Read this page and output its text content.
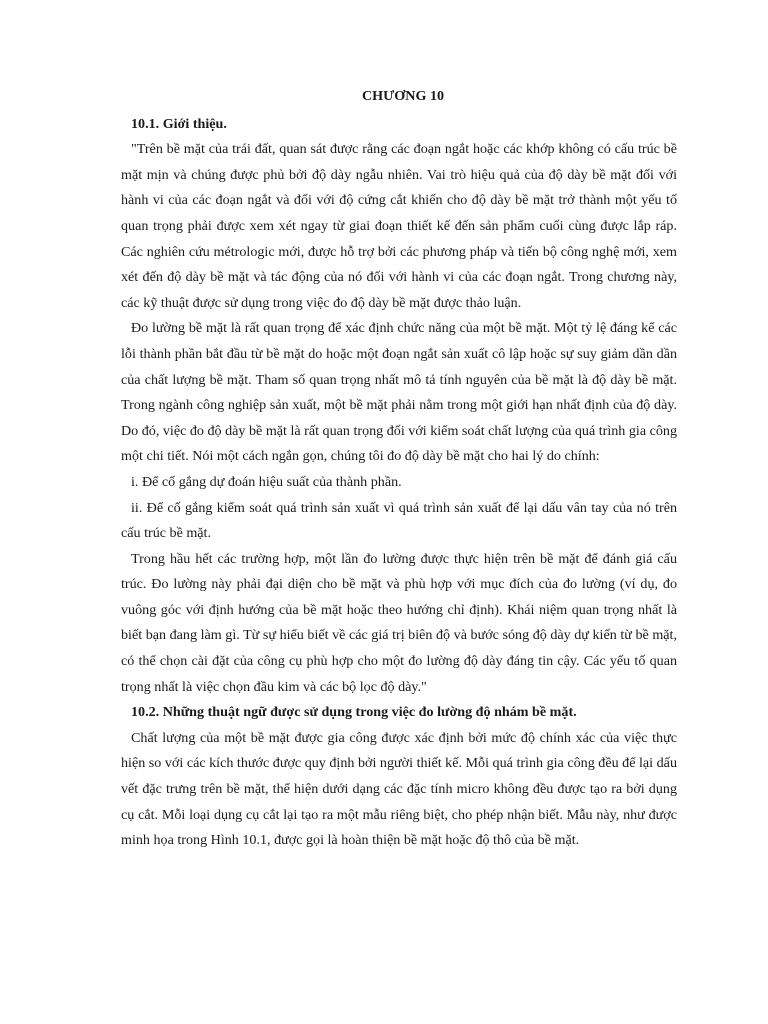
CHƯƠNG 10
10.1. Giới thiệu.

"Trên bề mặt của trái đất, quan sát được rằng các đoạn ngắt hoặc các khớp không có cấu trúc bề mặt mịn và chúng được phủ bởi độ dày ngẫu nhiên. Vai trò hiệu quả của độ dày bề mặt đối với hành vi của các đoạn ngắt và đối với độ cứng cắt khiến cho độ dày bề mặt trở thành một yếu tố quan trọng phải được xem xét ngay từ giai đoạn thiết kế đến sản phẩm cuối cùng được lắp ráp. Các nghiên cứu métrologic mới, được hỗ trợ bởi các phương pháp và tiến bộ công nghệ mới, xem xét đến độ dày bề mặt và tác động của nó đối với hành vi của các đoạn ngắt. Trong chương này, các kỹ thuật được sử dụng trong việc đo độ dày bề mặt được thảo luận.

Đo lường bề mặt là rất quan trọng để xác định chức năng của một bề mặt. Một tỷ lệ đáng kể các lỗi thành phần bắt đầu từ bề mặt do hoặc một đoạn ngắt sản xuất cô lập hoặc sự suy giảm dần dần của chất lượng bề mặt. Tham số quan trọng nhất mô tả tính nguyên của bề mặt là độ dày bề mặt. Trong ngành công nghiệp sản xuất, một bề mặt phải nằm trong một giới hạn nhất định của độ dày. Do đó, việc đo độ dày bề mặt là rất quan trọng đối với kiểm soát chất lượng của quá trình gia công một chi tiết. Nói một cách ngắn gọn, chúng tôi đo độ dày bề mặt cho hai lý do chính:

i. Để cố gắng dự đoán hiệu suất của thành phần.

ii. Để cố gắng kiểm soát quá trình sản xuất vì quá trình sản xuất để lại dấu vân tay của nó trên cấu trúc bề mặt.

Trong hầu hết các trường hợp, một lần đo lường được thực hiện trên bề mặt để đánh giá cấu trúc. Đo lường này phải đại diện cho bề mặt và phù hợp với mục đích của đo lường (ví dụ, đo vuông góc với định hướng của bề mặt hoặc theo hướng chỉ định). Khái niệm quan trọng nhất là biết bạn đang làm gì. Từ sự hiểu biết về các giá trị biên độ và bước sóng độ dày dự kiến từ bề mặt, có thể chọn cài đặt của công cụ phù hợp cho một đo lường độ dày đáng tin cậy. Các yếu tố quan trọng nhất là việc chọn đầu kim và các bộ lọc độ dày."

10.2. Những thuật ngữ được sử dụng trong việc đo lường độ nhám bề mặt.

Chất lượng của một bề mặt được gia công được xác định bởi mức độ chính xác của việc thực hiện so với các kích thước được quy định bởi người thiết kế. Mỗi quá trình gia công đều để lại dấu vết đặc trưng trên bề mặt, thể hiện dưới dạng các đặc tính micro không đều được tạo ra bởi dụng cụ cắt. Mỗi loại dụng cụ cắt lại tạo ra một mẫu riêng biệt, cho phép nhận biết. Mẫu này, như được minh họa trong Hình 10.1, được gọi là hoàn thiện bề mặt hoặc độ thô của bề mặt.
